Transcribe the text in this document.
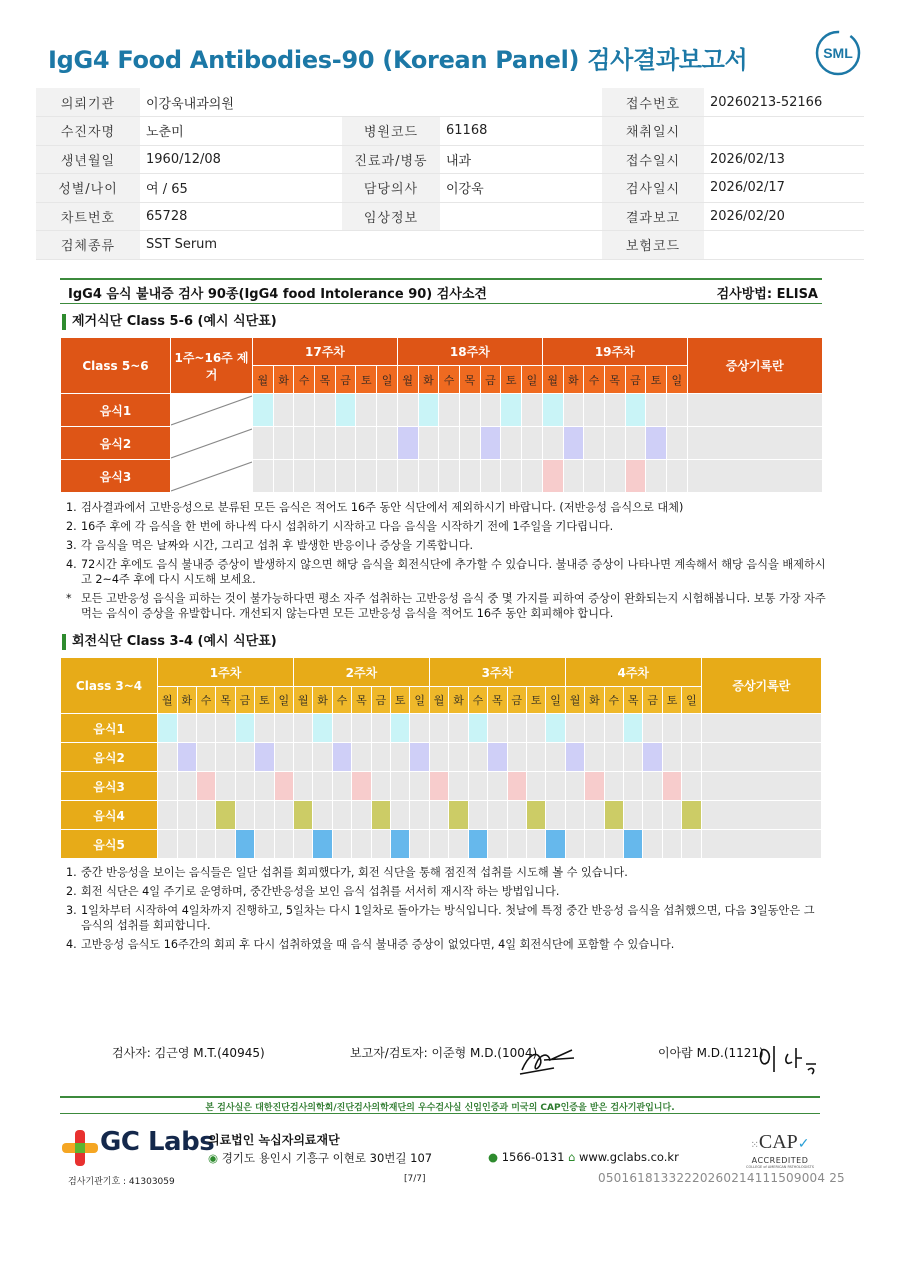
IgG4 Food Antibodies-90 (Korean Panel) 검사결과보고서	SML
의뢰기관	이강욱내과의원			접수번호	20260213-52166
수진자명	노춘미	병원코드	61168	채취일시	
생년월일	1960/12/08	진료과/병동	내과	접수일시	2026/02/13
성별/나이	여 / 65	담당의사	이강욱	검사일시	2026/02/17
차트번호	65728	임상정보		결과보고	2026/02/20
검체종류	SST Serum			보험코드	
IgG4 음식 불내증 검사 90종(IgG4 food Intolerance 90) 검사소견	검사방법: ELISA
제거식단 Class 5-6 (예시 식단표)
Class 5~6	1주~16주 제거	17주차							18주차							19주차							증상기록란
		월	화	수	목	금	토	일	월	화	수	목	금	토	일	월	화	수	목	금	토	일	
음식1	

음식2	

음식3	

1. 검사결과에서 고반응성으로 분류된 모든 음식은 적어도 16주 동안 식단에서 제외하시기 바랍니다. (저반응성 음식으로 대체)
2. 16주 후에 각 음식을 한 번에 하나씩 다시 섭취하기 시작하고 다음 음식을 시작하기 전에 1주일을 기다립니다.
3. 각 음식을 먹은 날짜와 시간, 그리고 섭취 후 발생한 반응이나 증상을 기록합니다.
4. 72시간 후에도 음식 불내증 증상이 발생하지 않으면 해당 음식을 회전식단에 추가할 수 있습니다. 불내증 증상이 나타나면 계속해서 해당 음식을 배제하시고 2~4주 후에 다시 시도해 보세요.
* 모든 고반응성 음식을 피하는 것이 불가능하다면 평소 자주 섭취하는 고반응성 음식 중 몇 가지를 피하여 증상이 완화되는지 시험해봅니다. 보통 가장 자주 먹는 음식이 증상을 유발합니다. 개선되지 않는다면 모든 고반응성 음식을 적어도 16주 동안 회피해야 합니다.
회전식단 Class 3-4 (예시 식단표)
Class 3~4	1주차							2주차							3주차							4주차							증상기록란
	월	화	수	목	금	토	일	월	화	수	목	금	토	일	월	화	수	목	금	토	일	월	화	수	목	금	토	일	
음식1																													
음식2																													
음식3																													
음식4																													
음식5																													
1. 중간 반응성을 보이는 음식들은 일단 섭취를 회피했다가, 회전 식단을 통해 점진적 섭취를 시도해 볼 수 있습니다.
2. 회전 식단은 4일 주기로 운영하며, 중간반응성을 보인 음식 섭취를 서서히 재시작 하는 방법입니다.
3. 1일차부터 시작하여 4일차까지 진행하고, 5일차는 다시 1일차로 돌아가는 방식입니다. 첫날에 특정 중간 반응성 음식을 섭취했으면, 다음 3일동안은 그 음식의 섭취를 회피합니다.
4. 고반응성 음식도 16주간의 회피 후 다시 섭취하였을 때 음식 불내증 증상이 없었다면, 4일 회전식단에 포함할 수 있습니다.
검사자: 김근영 M.T.(40945)	보고자/검토자: 이준형 M.D.(1004)	이아람 M.D.(1121)
본 검사실은 대한진단검사의학회/진단검사의학재단의 우수검사실 신임인증과 미국의 CAP인증을 받은 검사기관입니다.
GC Labs
의료법인 녹십자의료재단
◉ 경기도 용인시 기흥구 이현로 30번길 107	● 1566-0131 ⌂ www.gclabs.co.kr
⁙CAP✓
ACCREDITED
COLLEGE of AMERICAN PATHOLOGISTS
검사기관기호 : 41303059	[7/7]	05016181332220260214111509004 25
